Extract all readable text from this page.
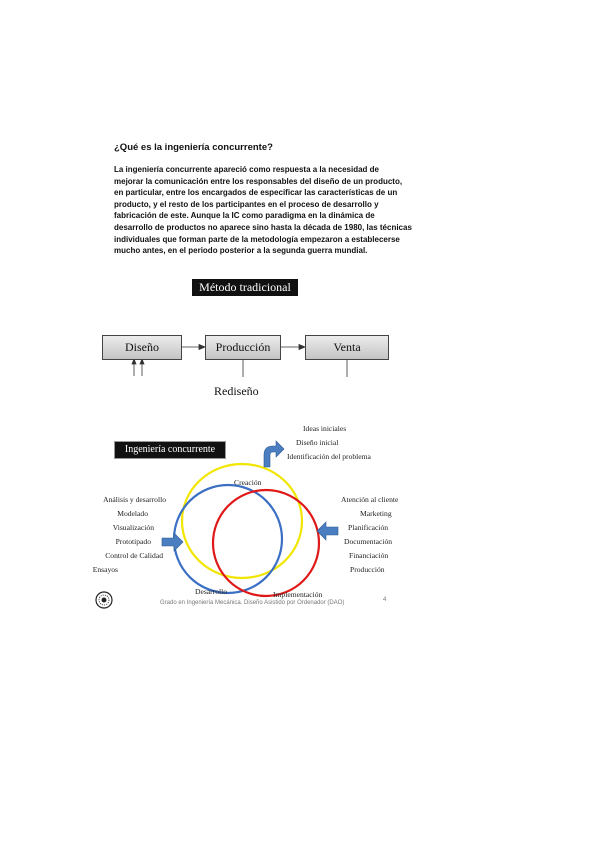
¿Qué es la ingeniería concurrente?
La ingeniería concurrente apareció como respuesta a la necesidad de
mejorar la comunicación entre los responsables del diseño de un producto,
en particular, entre los encargados de especificar las características de un
producto, y el resto de los participantes en el proceso de desarrollo y
fabricación de este. Aunque la IC como paradigma en la dinámica de
desarrollo de productos no aparece sino hasta la década de 1980, las técnicas
individuales que forman parte de la metodología empezaron a establecerse
mucho antes, en el periodo posterior a la segunda guerra mundial.
Método tradicional
Diseño	Producción	Venta
Rediseño
Ingeniería concurrente
Ideas iniciales
Diseño inicial
Identificación del problema
Creación
Desarrollo	Implementación
Análisis y desarrollo
Modelado
Visualización
Prototipado
Control de Calidad
Ensayos
Atención al cliente
Marketing
Planificación
Documentación
Financiación
Producción
Grado en Ingeniería Mecánica. Diseño Asistido por Ordenador (DAO)	4
